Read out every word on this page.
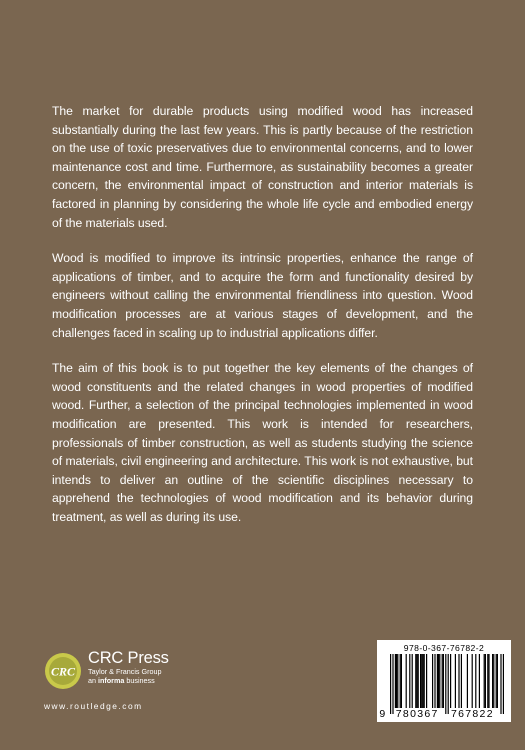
The market for durable products using modified wood has increased substantially during the last few years. This is partly because of the restriction on the use of toxic preservatives due to environmental concerns, and to lower maintenance cost and time. Furthermore, as sustainability becomes a greater concern, the environmental impact of construction and interior materials is factored in planning by considering the whole life cycle and embodied energy of the materials used.

Wood is modified to improve its intrinsic properties, enhance the range of applications of timber, and to acquire the form and functionality desired by engineers without calling the environmental friendliness into question. Wood modification processes are at various stages of development, and the challenges faced in scaling up to industrial applications differ.

The aim of this book is to put together the key elements of the changes of wood constituents and the related changes in wood properties of modified wood. Further, a selection of the principal technologies implemented in wood modification are presented. This work is intended for researchers, professionals of timber construction, as well as students studying the science of materials, civil engineering and architecture. This work is not exhaustive, but intends to deliver an outline of the scientific disciplines necessary to apprehend the technologies of wood modification and its behavior during treatment, as well as during its use.

CRC
CRC Press
Taylor & Francis Group
an informa business
www.routledge.com
978-0-367-76782-2
9 780367 767822
